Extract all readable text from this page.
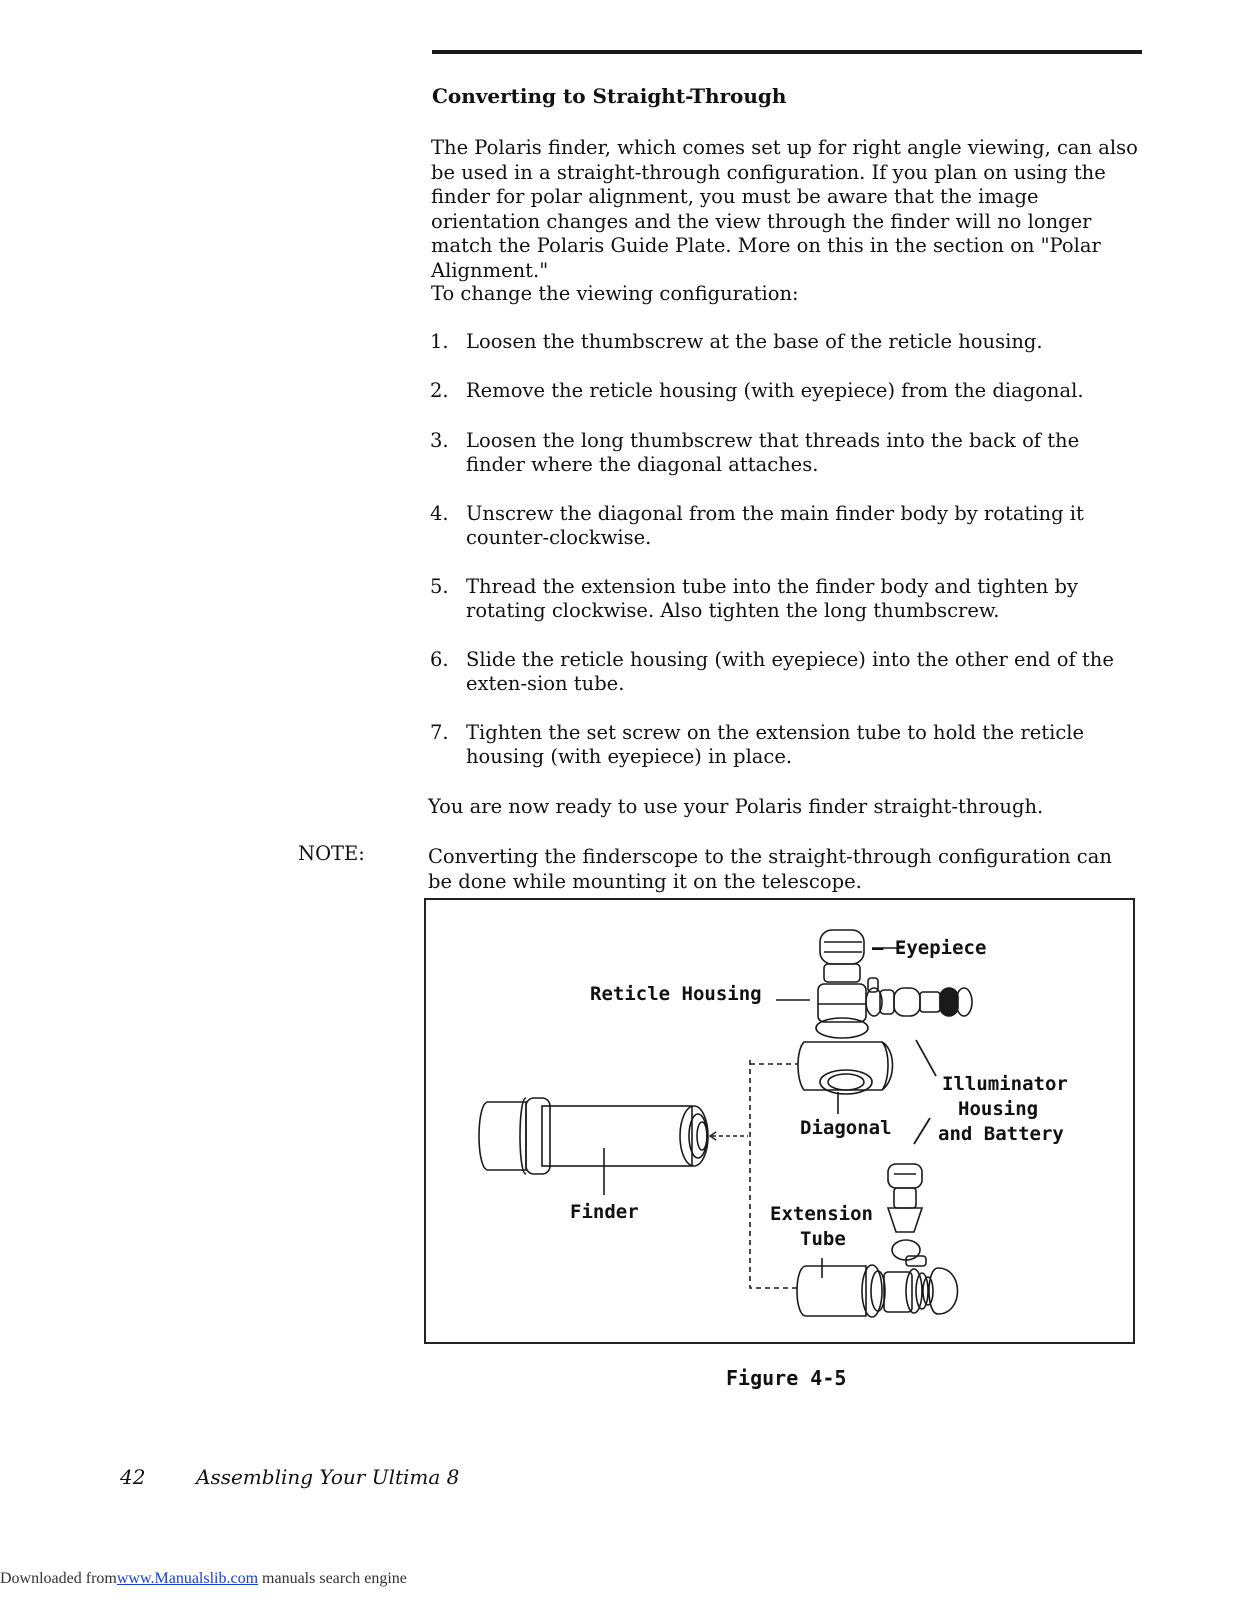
Converting to Straight-Through
The Polaris finder, which comes set up for right angle viewing, can also be used in a straight-through configuration. If you plan on using the finder for polar alignment, you must be aware that the image orientation changes and the view through the finder will no longer match the Polaris Guide Plate. More on this in the section on "Polar Alignment."
To change the viewing configuration:
1. Loosen the thumbscrew at the base of the reticle housing.
2. Remove the reticle housing (with eyepiece) from the diagonal.
3. Loosen the long thumbscrew that threads into the back of the finder where the diagonal attaches.
4. Unscrew the diagonal from the main finder body by rotating it counter-clockwise.
5. Thread the extension tube into the finder body and tighten by rotating clockwise. Also tighten the long thumbscrew.
6. Slide the reticle housing (with eyepiece) into the other end of the exten-sion tube.
7. Tighten the set screw on the extension tube to hold the reticle housing (with eyepiece) in place.
You are now ready to use your Polaris finder straight-through.
NOTE:	Converting the finderscope to the straight-through configuration can be done while mounting it on the telescope.
— Eyepiece
Reticle Housing
Illuminator
Housing
and Battery
Diagonal
Finder	Extension
Tube
Figure 4-5
42	Assembling Your Ultima 8
Downloaded fromwww.Manualslib.com manuals search engine
